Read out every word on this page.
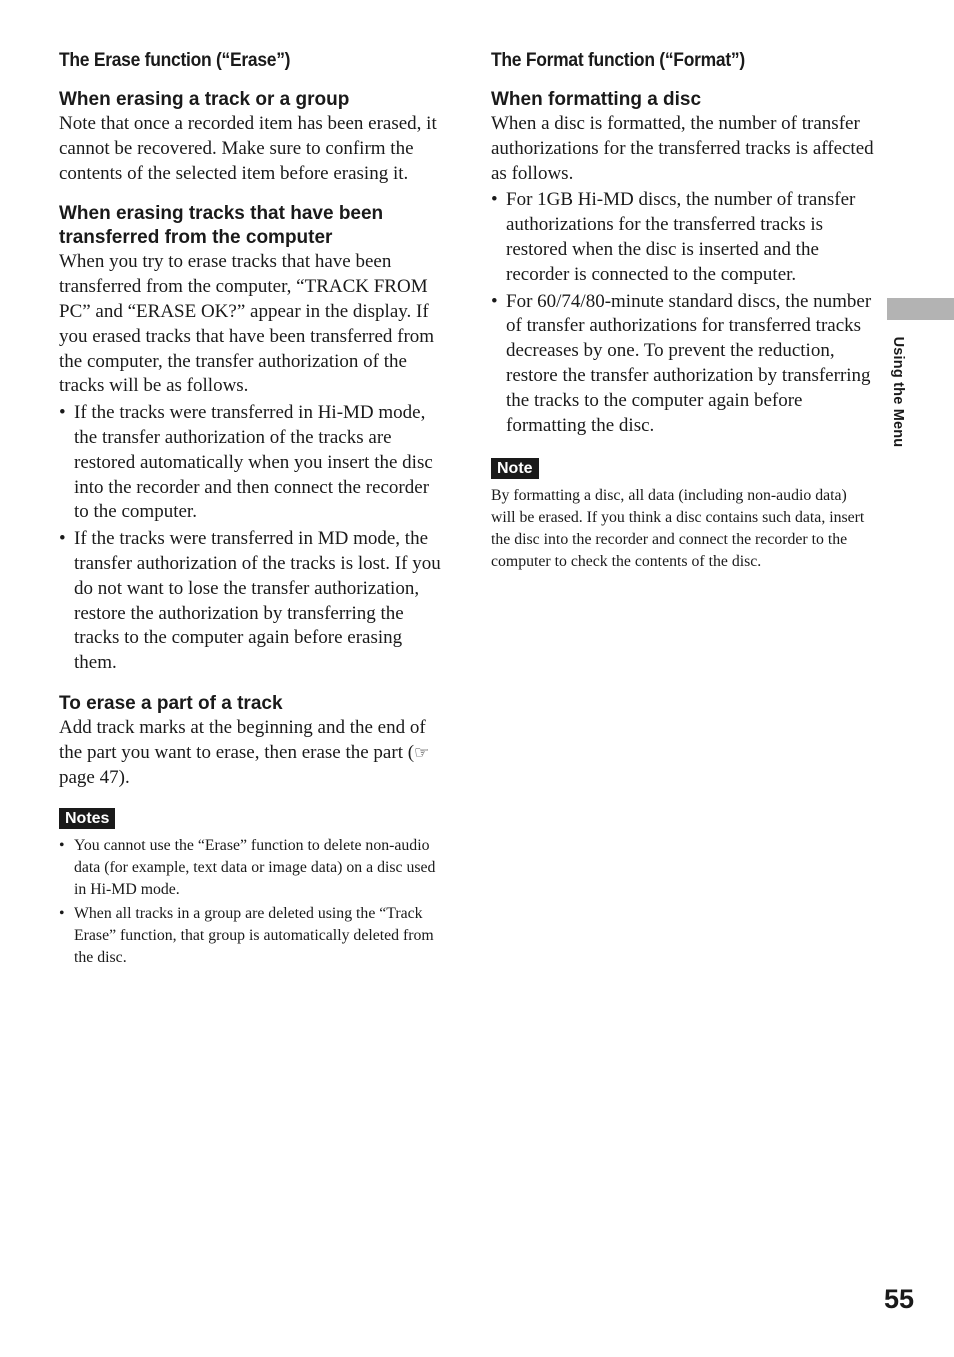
The Erase function (“Erase”)
When erasing a track or a group

Note that once a recorded item has been erased, it cannot be recovered. Make sure to confirm the contents of the selected item before erasing it.

When erasing tracks that have been transferred from the computer

When you try to erase tracks that have been transferred from the computer, “TRACK FROM PC” and “ERASE OK?” appear in the display. If you erased tracks that have been transferred from the computer, the transfer authorization of the tracks will be as follows.

• If the tracks were transferred in Hi-MD mode, the transfer authorization of the tracks are restored automatically when you insert the disc into the recorder and then connect the recorder to the computer.
• If the tracks were transferred in MD mode, the transfer authorization of the tracks is lost. If you do not want to lose the transfer authorization, restore the authorization by transferring the tracks to the computer again before erasing them.
To erase a part of a track

Add track marks at the beginning and the end of the part you want to erase, then erase the part (☞ page 47).

Notes
• You cannot use the “Erase” function to delete non-audio data (for example, text data or image data) on a disc used in Hi-MD mode.
• When all tracks in a group are deleted using the “Track Erase” function, that group is automatically deleted from the disc.
The Format function (“Format”)
When formatting a disc

When a disc is formatted, the number of transfer authorizations for the transferred tracks is affected as follows.

• For 1GB Hi-MD discs, the number of transfer authorizations for the transferred tracks is restored when the disc is inserted and the recorder is connected to the computer.
• For 60/74/80-minute standard discs, the number of transfer authorizations for transferred tracks decreases by one. To prevent the reduction, restore the transfer authorization by transferring the tracks to the computer again before formatting the disc.
Note

By formatting a disc, all data (including non-audio data) will be erased. If you think a disc contains such data, insert the disc into the recorder and connect the recorder to the computer to check the contents of the disc.

Using the Menu
55
